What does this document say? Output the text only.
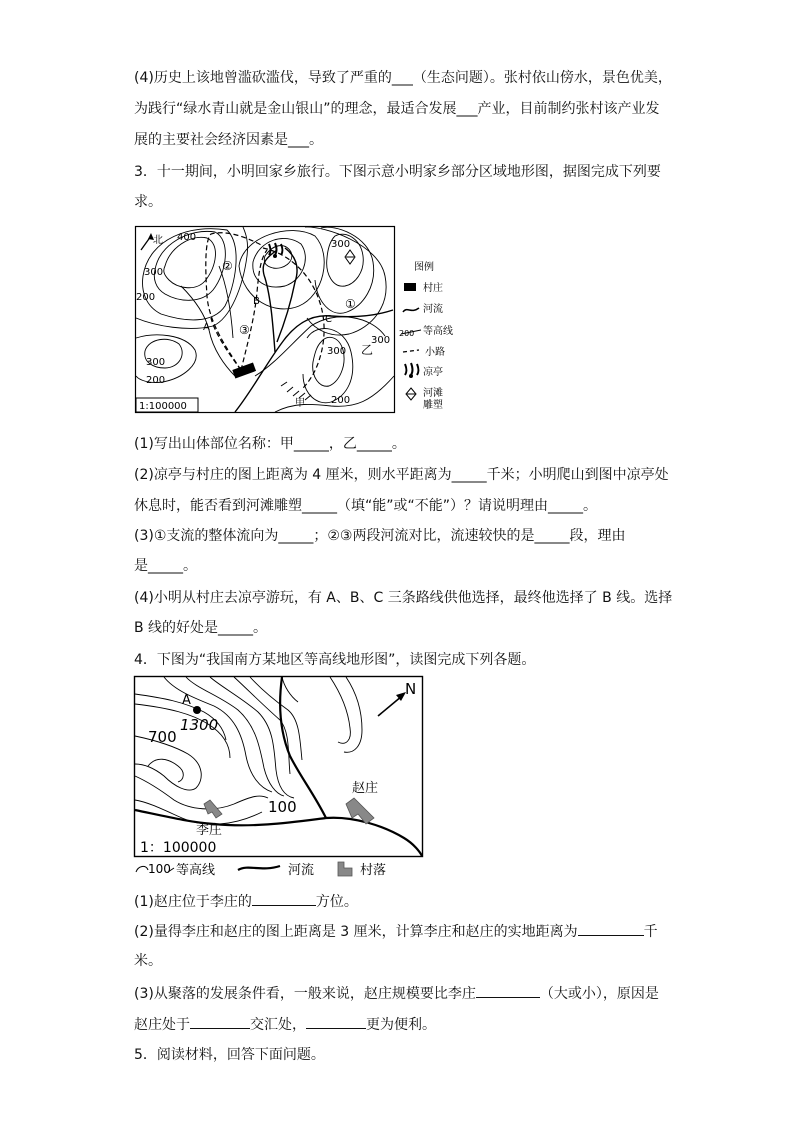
(4)历史上该地曾滥砍滥伐，导致了严重的___（生态问题）。张村依山傍水，景色优美，
为践行“绿水青山就是金山银山”的理念，最适合发展___产业，目前制约张村该产业发
展的主要社会经济因素是___。
3．十一期间，小明回家乡旅行。下图示意小明家乡部分区域地形图，据图完成下列要
求。
北 400
300
200
300
200
300
300
300
200
200
A
B
C
甲
乙
①
②
③
1:100000
图例
村庄
河流
200 等高线
小路
凉亭
河滩
雕塑
(1)写出山体部位名称：甲_____，乙_____。
(2)凉亭与村庄的图上距离为 4 厘米，则水平距离为_____千米；小明爬山到图中凉亭处
休息时，能否看到河滩雕塑_____（填“能”或“不能”）？请说明理由_____。
(3)①支流的整体流向为_____；②③两段河流对比，流速较快的是_____段，理由
是_____。
(4)小明从村庄去凉亭游玩，有 A、B、C 三条路线供他选择，最终他选择了 B 线。选择
B 线的好处是_____。
4．下图为“我国南方某地区等高线地形图”，读图完成下列各题。
A
N
1300
700
100
赵庄
李庄
1：100000
100 等高线	河流	村落
(1)赵庄位于李庄的	方位。
(2)量得李庄和赵庄的图上距离是 3 厘米，计算李庄和赵庄的实地距离为	千
米。
(3)从聚落的发展条件看，一般来说，赵庄规模要比李庄	（大或小），原因是
赵庄处于	交汇处，	更为便利。
5．阅读材料，回答下面问题。
